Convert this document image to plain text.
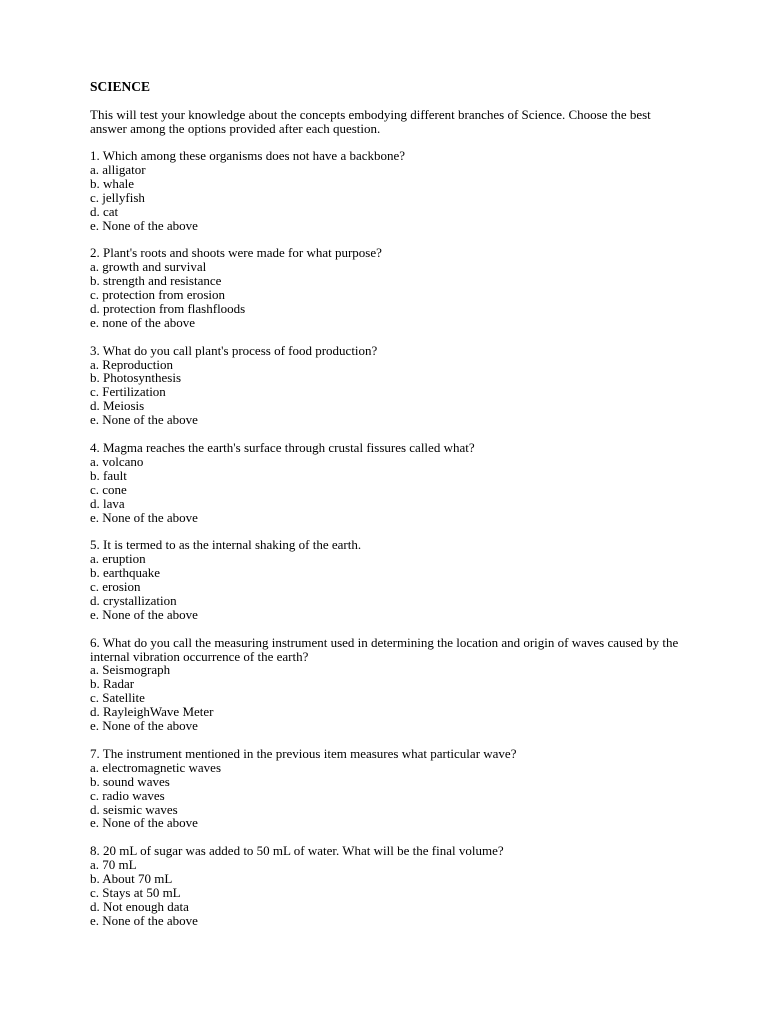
SCIENCE

This will test your knowledge about the concepts embodying different branches of Science. Choose the best answer among the options provided after each question.

1. Which among these organisms does not have a backbone?

a. alligator
b. whale
c. jellyfish
d. cat
e. None of the above

2. Plant's roots and shoots were made for what purpose?

a. growth and survival
b. strength and resistance
c. protection from erosion
d. protection from flashfloods
e. none of the above

3. What do you call plant's process of food production?

a. Reproduction
b. Photosynthesis
c. Fertilization
d. Meiosis
e. None of the above

4. Magma reaches the earth's surface through crustal fissures called what?

a. volcano
b. fault
c. cone
d. lava
e. None of the above

5. It is termed to as the internal shaking of the earth.

a. eruption
b. earthquake
c. erosion
d. crystallization
e. None of the above

6. What do you call the measuring instrument used in determining the location and origin of waves caused by the internal vibration occurrence of the earth?

a. Seismograph
b. Radar
c. Satellite
d. RayleighWave Meter
e. None of the above

7. The instrument mentioned in the previous item measures what particular wave?

a. electromagnetic waves
b. sound waves
c. radio waves
d. seismic waves
e. None of the above

8. 20 mL of sugar was added to 50 mL of water. What will be the final volume?

a. 70 mL
b. About 70 mL
c. Stays at 50 mL
d. Not enough data
e. None of the above
